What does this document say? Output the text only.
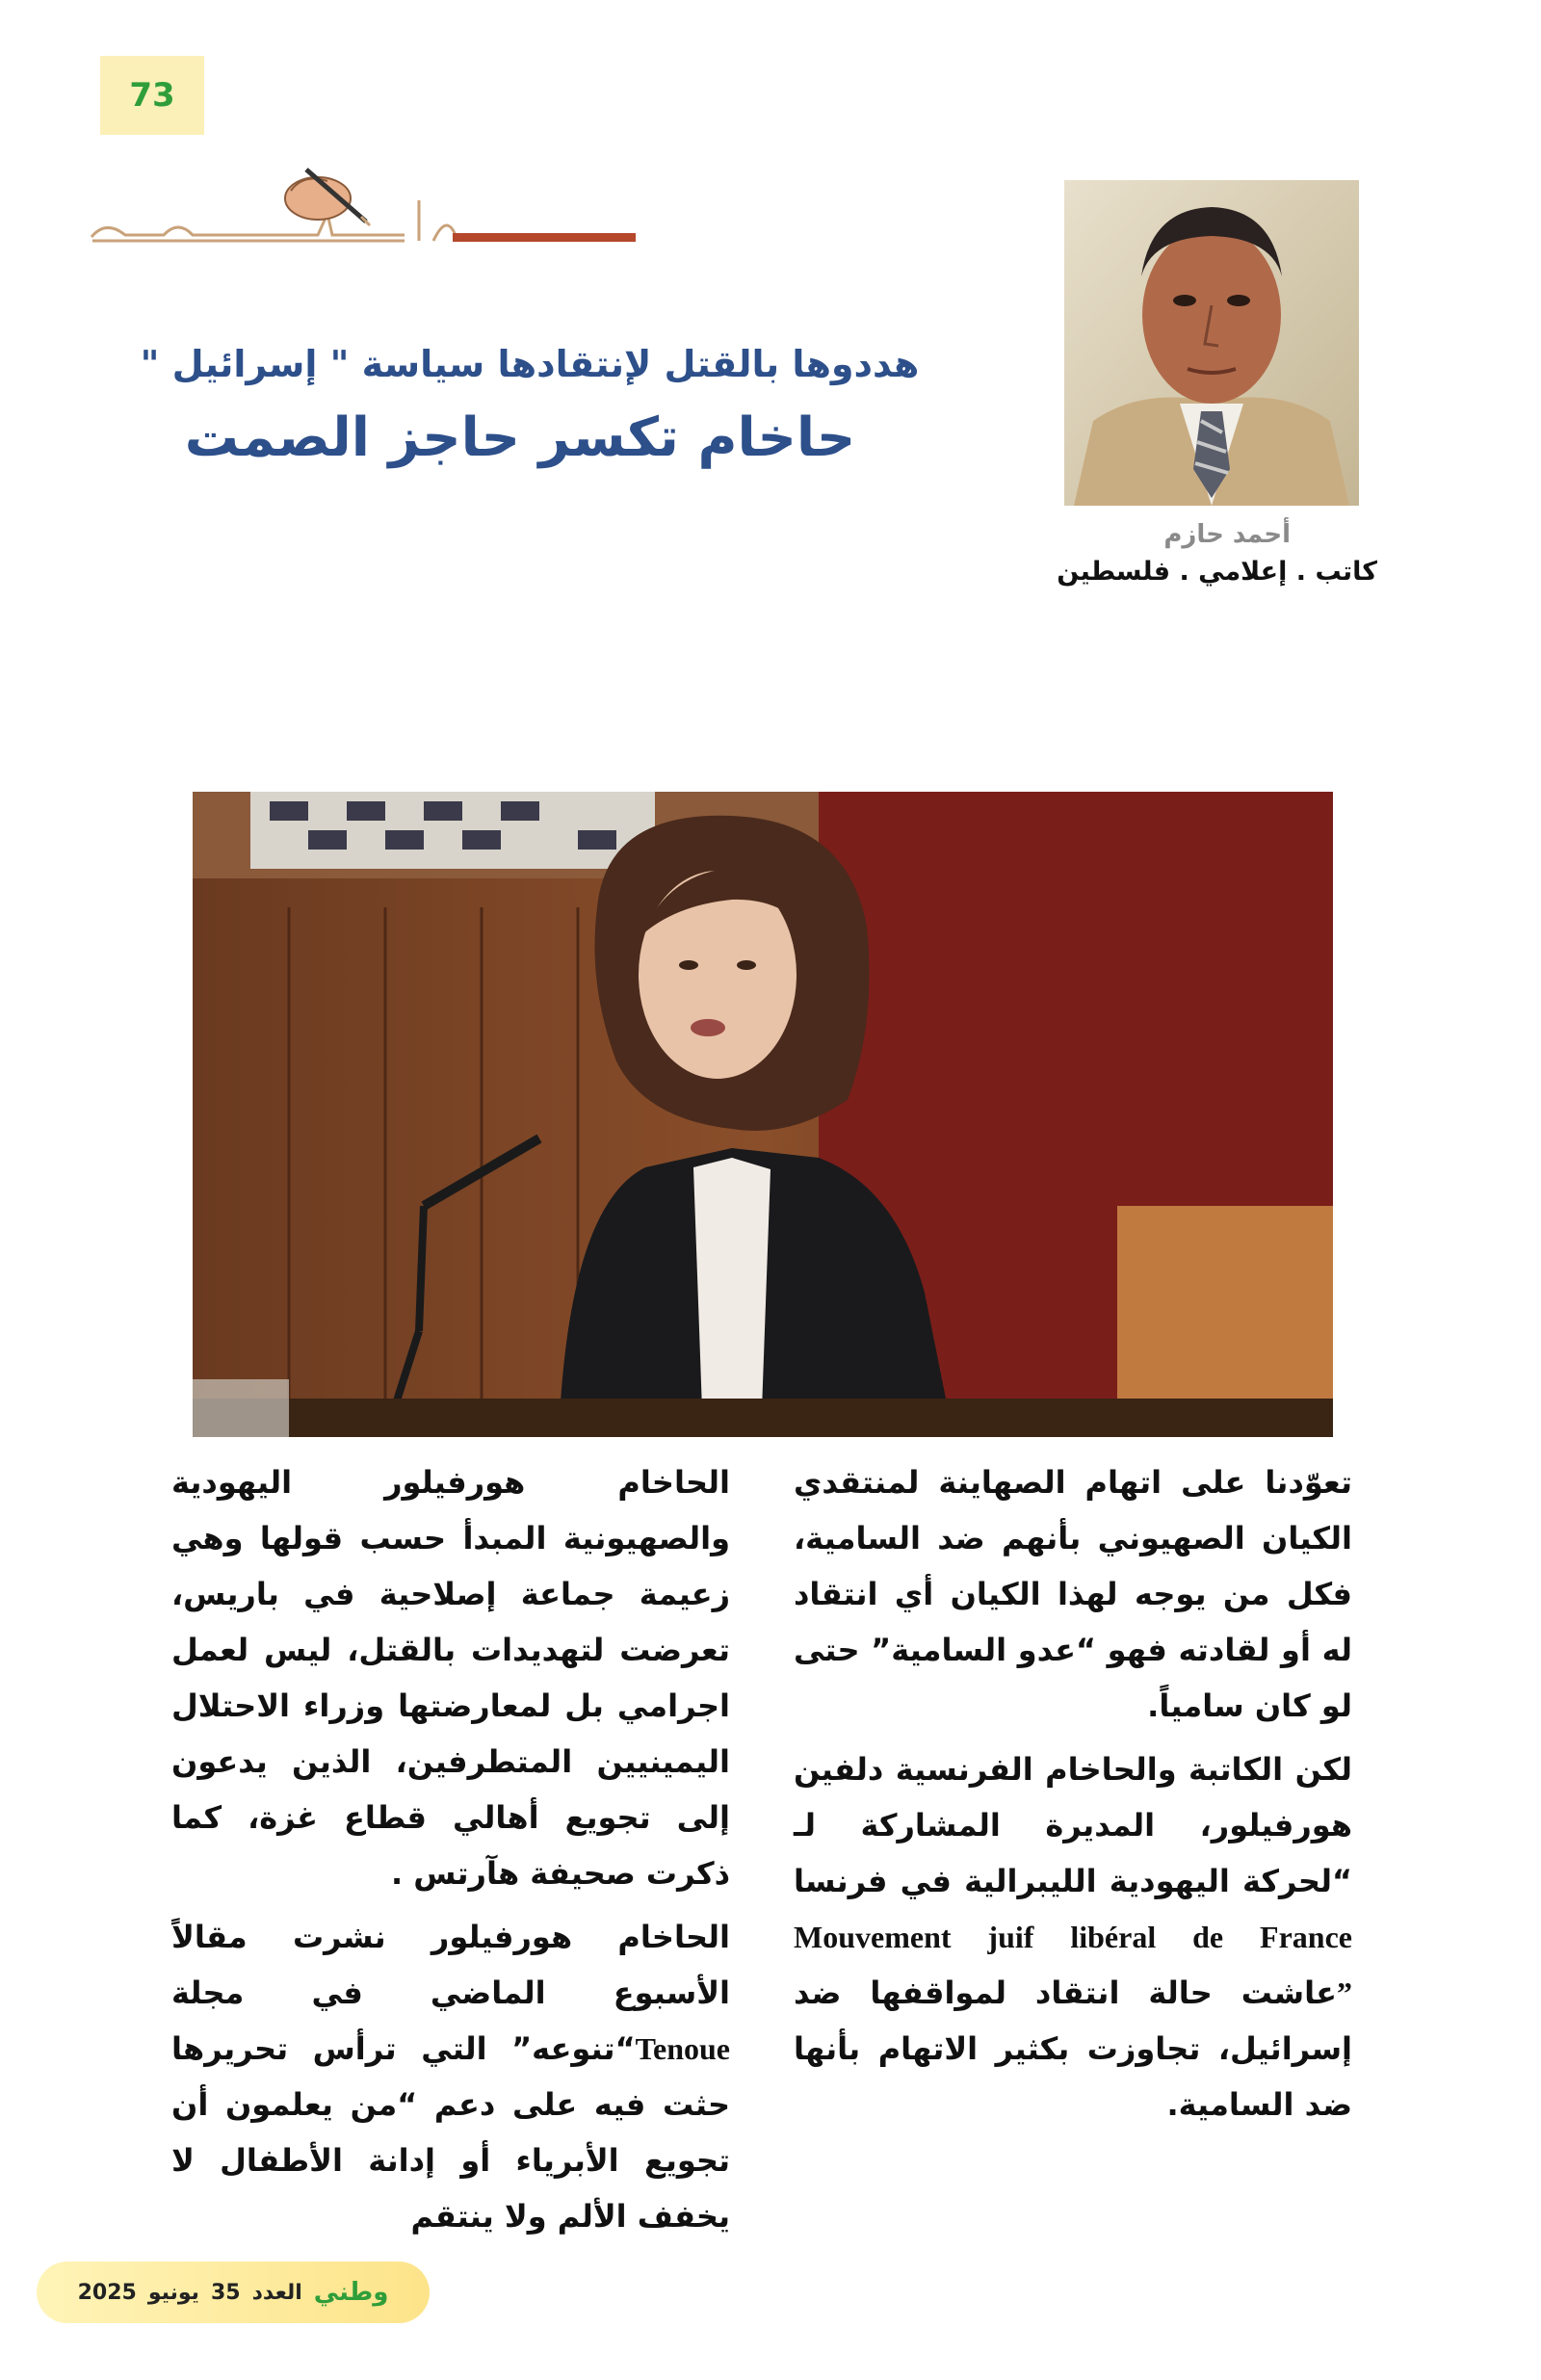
73
قلم حر
أحمد حازم
كاتب . إعلامي . فلسطين
هددوها بالقتل لإنتقادها سياسة " إسرائيل "
حاخام تكسر حاجز الصمت

تعوّدنا على اتهام الصهاينة لمنتقدي الكيان الصهيوني بأنهم ضد السامية، فكل من يوجه لهذا الكيان أي انتقاد له أو لقادته فهو “عدو السامية” حتى لو كان سامياً.

لكن الكاتبة والحاخام الفرنسية دلفين هورفيلور، المديرة المشاركة لـ “لحركة اليهودية الليبرالية في فرنسا Mouvement juif libéral de France ”عاشت حالة انتقاد لمواقفها ضد إسرائيل، تجاوزت بكثير الاتهام بأنها ضد السامية.

الحاخام هورفيلور اليهودية والصهيونية المبدأ حسب قولها وهي زعيمة جماعة إصلاحية في باريس، تعرضت لتهديدات بالقتل، ليس لعمل اجرامي بل لمعارضتها وزراء الاحتلال اليمينيين المتطرفين، الذين يدعون إلى تجويع أهالي قطاع غزة، كما ذكرت صحيفة هآرتس .

الحاخام هورفيلور نشرت مقالاً الأسبوع الماضي في مجلة Tenoue“تنوعه” التي ترأس تحريرها حثت فيه على دعم “من يعلمون أن تجويع الأبرياء أو إدانة الأطفال لا يخفف الألم ولا ينتقم

وطني
العدد
35
يونيو
2025
